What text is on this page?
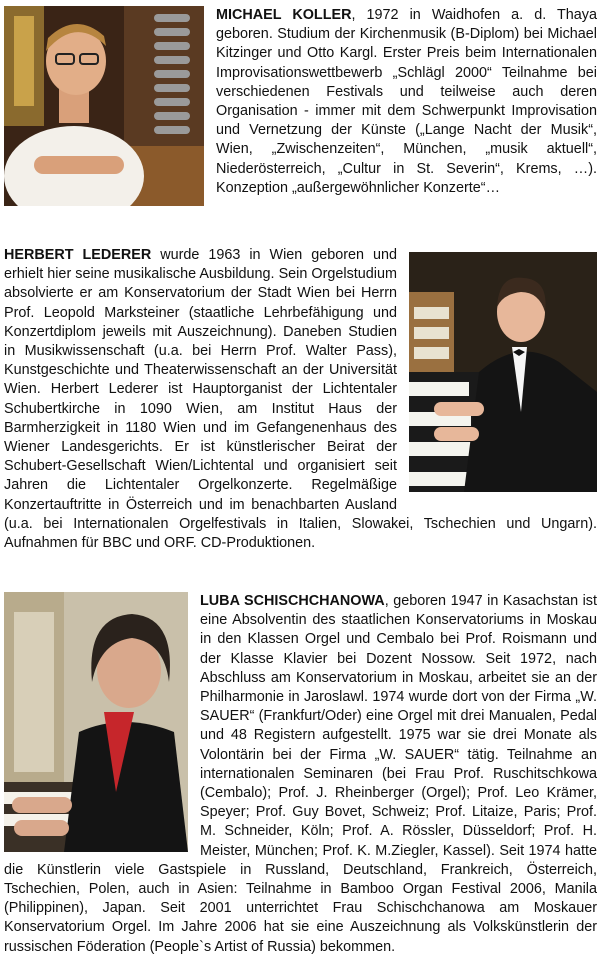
MICHAEL KOLLER, 1972 in Waidhofen a. d. Thaya geboren. Studium der Kirchenmusik (B-Diplom) bei Michael Kitzinger und Otto Kargl. Erster Preis beim Internationalen Improvisationswettbewerb „Schlägl 2000“ Teilnahme bei verschiedenen Festivals und teilweise auch deren Organisation - immer mit dem Schwerpunkt Improvisation und Vernetzung der Künste („Lange Nacht der Musik“, Wien, „Zwischenzeiten“, München, „musik aktuell“, Niederösterreich, „Cultur in St. Severin“, Krems, …). Konzeption „außergewöhnlicher Konzerte“…
HERBERT LEDERER wurde 1963 in Wien geboren und erhielt hier seine musikalische Ausbildung. Sein Orgelstudium absolvierte er am Konservatorium der Stadt Wien bei Herrn Prof. Leopold Marksteiner (staatliche Lehrbefähigung und Konzertdiplom jeweils mit Auszeichnung). Daneben Studien in Musikwissenschaft (u.a. bei Herrn Prof. Walter Pass), Kunstgeschichte und Theaterwissenschaft an der Universität Wien. Herbert Lederer ist Hauptorganist der Lichtentaler Schubertkirche in 1090 Wien, am Institut Haus der Barmherzigkeit in 1180 Wien und im Gefangenenhaus des Wiener Landesgerichts. Er ist künstlerischer Beirat der Schubert-Gesellschaft Wien/Lichtental und organisiert seit Jahren die Lichtentaler Orgelkonzerte. Regelmäßige Konzertauftritte in Österreich und im benachbarten Ausland (u.a. bei Internationalen Orgelfestivals in Italien, Slowakei, Tschechien und Ungarn). Aufnahmen für BBC und ORF. CD-Produktionen.
LUBA SCHISCHCHANOWA, geboren 1947 in Kasachstan ist eine Absolventin des staatlichen Konservatoriums in Moskau in den Klassen Orgel und Cembalo bei Prof. Roismann und der Klasse Klavier bei Dozent Nossow. Seit 1972, nach Abschluss am Konservatorium in Moskau, arbeitet sie an der Philharmonie in Jaroslawl. 1974 wurde dort von der Firma „W. SAUER“ (Frankfurt/Oder) eine Orgel mit drei Manualen, Pedal und 48 Registern aufgestellt. 1975 war sie drei Monate als Volontärin bei der Firma „W. SAUER“ tätig. Teilnahme an internationalen Seminaren (bei Frau Prof. Ruschitschkowa (Cembalo); Prof. J. Rheinberger (Orgel); Prof. Leo Krämer, Speyer; Prof. Guy Bovet, Schweiz; Prof. Litaize, Paris; Prof. M. Schneider, Köln; Prof. A. Rössler, Düsseldorf; Prof. H. Meister, München; Prof. K. M.Ziegler, Kassel). Seit 1974 hatte die Künstlerin viele Gastspiele in Russland, Deutschland, Frankreich, Österreich, Tschechien, Polen, auch in Asien: Teilnahme in Bamboo Organ Festival 2006, Manila (Philippinen), Japan. Seit 2001 unterrichtet Frau Schischchanowa am Moskauer Konservatorium Orgel. Im Jahre 2006 hat sie eine Auszeichnung als Volkskünstlerin der russischen Föderation (People`s Artist of Russia) bekommen.
